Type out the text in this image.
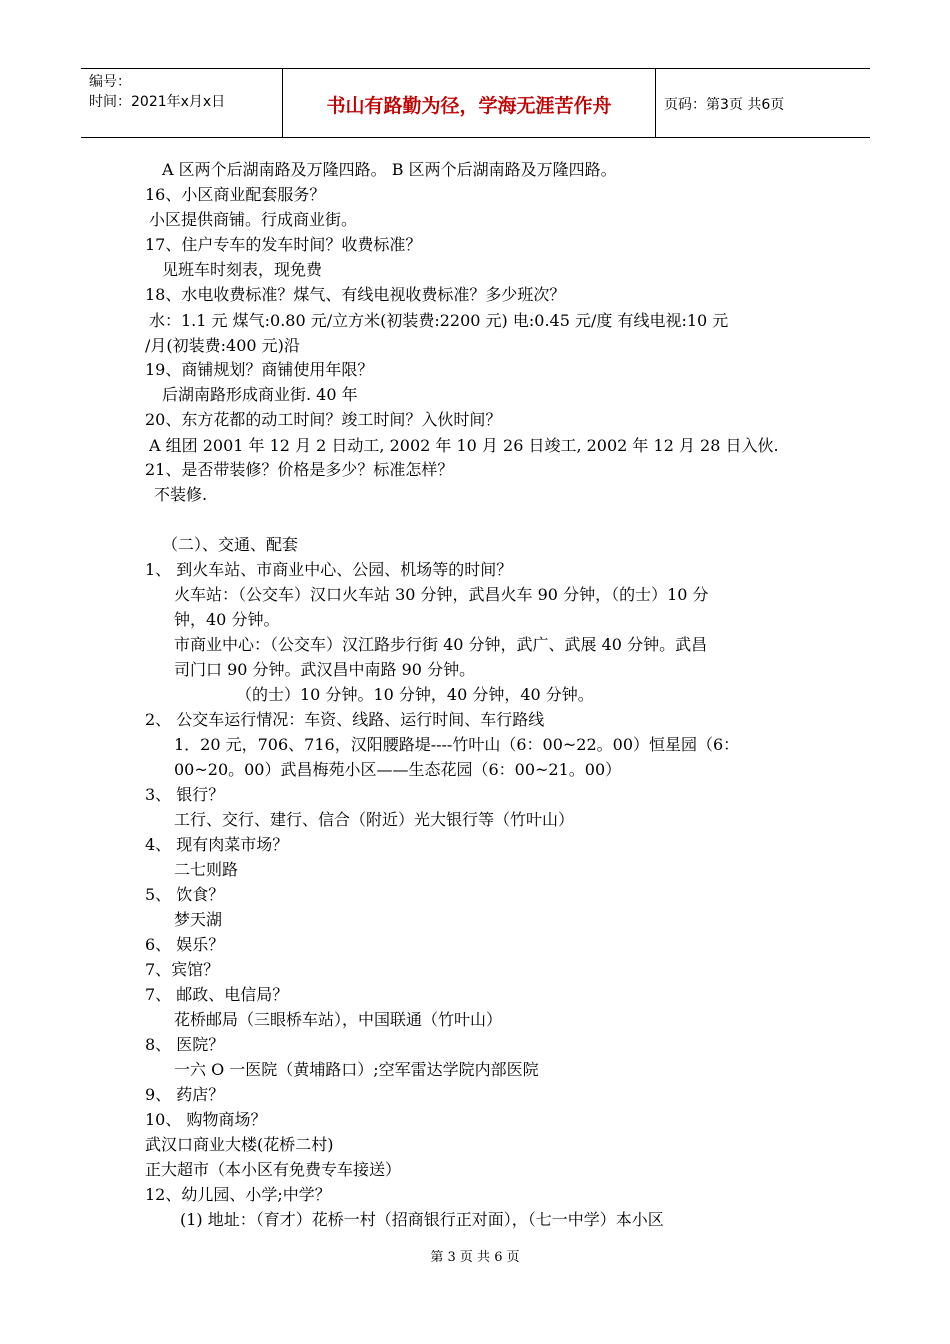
编号：
时间：2021年x月x日	书山有路勤为径，学海无涯苦作舟	页码：第3页 共6页
A 区两个后湖南路及万隆四路。 B 区两个后湖南路及万隆四路。
16、小区商业配套服务？
小区提供商铺。行成商业街。
17、住户专车的发车时间？收费标准？
见班车时刻表，现免费
18、水电收费标准？煤气、有线电视收费标准？多少班次？
水：1.1 元 煤气:0.80 元/立方米(初装费:2200 元) 电:0.45 元/度 有线电视:10 元
/月(初装费:400 元)沿
19、商铺规划？商铺使用年限？
后湖南路形成商业街. 40 年
20、东方花都的动工时间？竣工时间？入伙时间？
A 组团 2001 年 12 月 2 日动工, 2002 年 10 月 26 日竣工, 2002 年 12 月 28 日入伙.
21、是否带装修？价格是多少？标准怎样？
不装修.
（二）、交通、配套
1、 到火车站、市商业中心、公园、机场等的时间？
火车站：（公交车）汉口火车站 30 分钟，武昌火车 90 分钟，（的士）10 分
钟，40 分钟。
市商业中心：（公交车）汉江路步行街 40 分钟，武广、武展 40 分钟。武昌
司门口 90 分钟。武汉昌中南路 90 分钟。
（的士）10 分钟。10 分钟，40 分钟，40 分钟。
2、 公交车运行情况：车资、线路、运行时间、车行路线
1．20 元，706、716，汉阳腰路堤----竹叶山（6：00~22。00）恒星园（6：
00~20。00）武昌梅苑小区——生态花园（6：00~21。00）
3、 银行？
工行、交行、建行、信合（附近）光大银行等（竹叶山）
4、 现有肉菜市场？
二七则路
5、 饮食？
梦天湖
6、 娱乐？
7、宾馆？
7、 邮政、电信局？
花桥邮局（三眼桥车站），中国联通（竹叶山）
8、 医院？
一六 O 一医院（黄埔路口）;空军雷达学院内部医院
9、 药店？
10、 购物商场？
武汉口商业大楼(花桥二村)
正大超市（本小区有免费专车接送）
12、幼儿园、小学;中学？
(1) 地址：（育才）花桥一村（招商银行正对面），（七一中学）本小区
第 3 页 共 6 页
